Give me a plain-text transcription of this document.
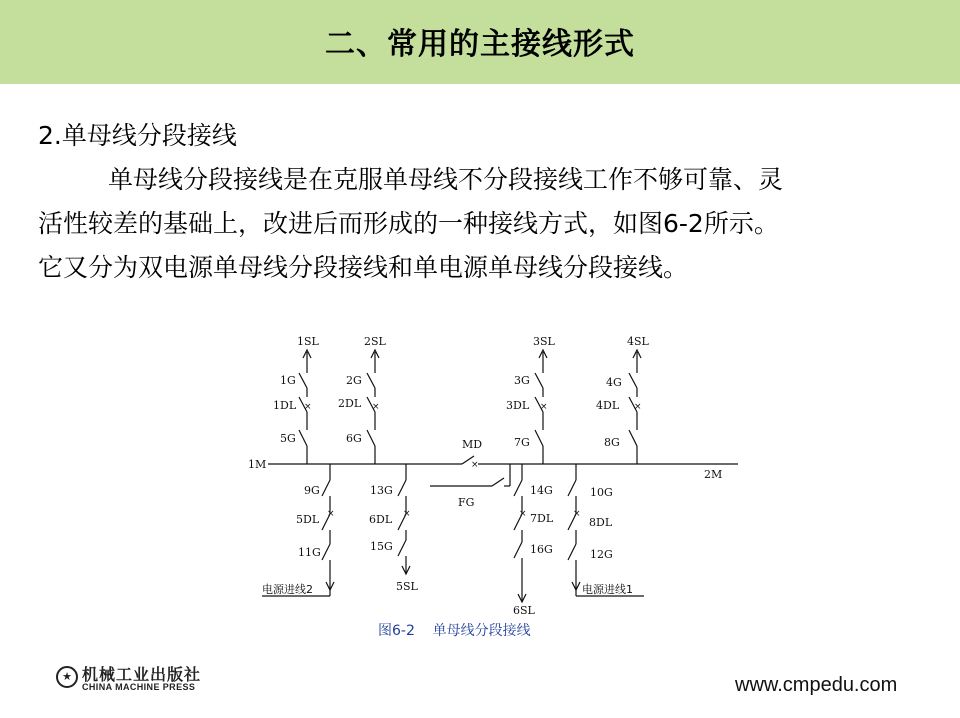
二、常用的主接线形式
2.单母线分段接线
单母线分段接线是在克服单母线不分段接线工作不够可靠、灵
活性较差的基础上，改进后而形成的一种接线方式，如图6-2所示。
它又分为双电源单母线分段接线和单电源单母线分段接线。
×	×	×	×
×	×	×	×
×
1M
2M
MD
FG
1SL
1G
1DL
5G
2SL
2G
2DL
6G
3SL
3G
3DL
7G
4SL
4G
4DL
8G
9G
5DL
11G
电源进线2
13G
6DL
15G
5SL
14G
7DL
16G
6SL
10G
8DL
12G
电源进线1
图6-2    单母线分段接线
★ 机械工业出版社
CHINA MACHINE PRESS	www.cmpedu.com
